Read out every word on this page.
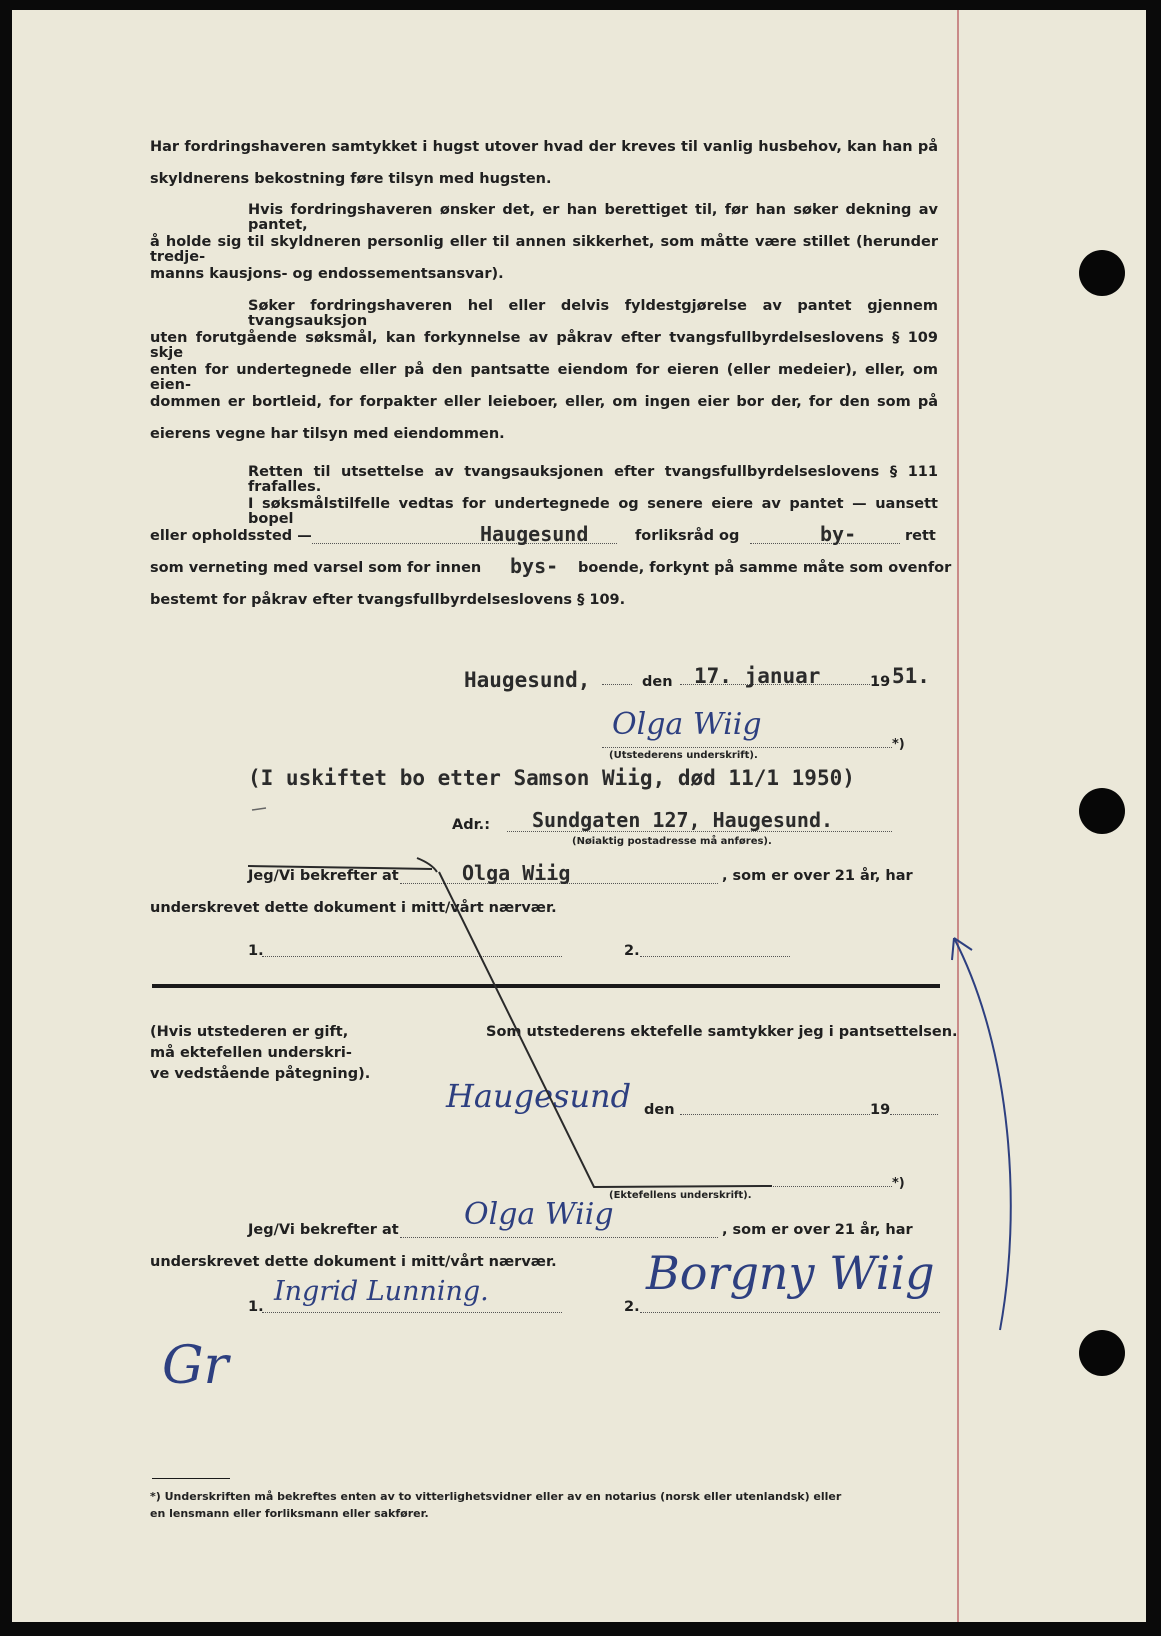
Har fordringshaveren samtykket i hugst utover hvad der kreves til vanlig husbehov, kan han på
skyldnerens bekostning føre tilsyn med hugsten.
Hvis fordringshaveren ønsker det, er han berettiget til, før han søker dekning av pantet,
å holde sig til skyldneren personlig eller til annen sikkerhet, som måtte være stillet (herunder tredje-
manns kausjons- og endossementsansvar).
Søker fordringshaveren hel eller delvis fyldestgjørelse av pantet gjennem tvangsauksjon
uten forutgående søksmål, kan forkynnelse av påkrav efter tvangsfullbyrdelseslovens § 109 skje
enten for undertegnede eller på den pantsatte eiendom for eieren (eller medeier), eller, om eien-
dommen er bortleid, for forpakter eller leieboer, eller, om ingen eier bor der, for den som på
eierens vegne har tilsyn med eiendommen.
Retten til utsettelse av tvangsauksjonen efter tvangsfullbyrdelseslovens § 111 frafalles.
I søksmålstilfelle vedtas for undertegnede og senere eiere av pantet — uansett bopel
eller opholdssted —	Haugesund	forliksråd og	by-	rett
som verneting med varsel som for innen bys- boende, forkynt på samme måte som ovenfor
bestemt for påkrav efter tvangsfullbyrdelseslovens § 109.
Haugesund,	den 17. januar	19 51.
Olga Wiig
*)
(Utstederens underskrift).
(I uskiftet bo etter Samson Wiig, død 11/1 1950)
Adr.: Sundgaten 127, Haugesund.
(Nøiaktig postadresse må anføres).
Jeg/Vi bekrefter at	Olga Wiig	, som er over 21 år, har
underskrevet dette dokument i mitt/vårt nærvær.
1.	2.
(Hvis utstederen er gift,
må ektefellen underskri-
ve vedstående påtegning).
Som utstederens ektefelle samtykker jeg i pantsettelsen.
Haugesund den	19
*)
(Ektefellens underskrift).
Jeg/Vi bekrefter at Olga Wiig	, som er over 21 år, har
underskrevet dette dokument i mitt/vårt nærvær.
1. Ingrid Lunning.	2.
Borgny Wiig
Gr
*) Underskriften må bekreftes enten av to vitterlighetsvidner eller av en notarius (norsk eller utenlandsk) eller
en lensmann eller forliksmann eller sakfører.
